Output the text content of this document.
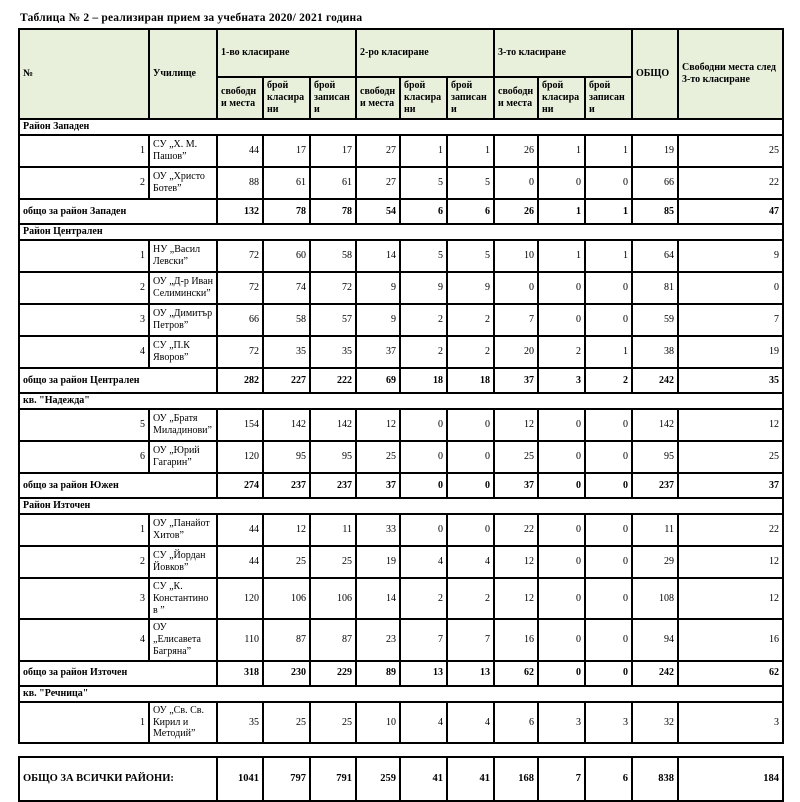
Таблица № 2 – реализиран прием за учебната 2020/ 2021 година
№	Училище	1-во класиране			2-ро класиране			3-то класиране			ОБЩО	Свободни места след 3-то класиране
		свободни места	брой класирани	брой записани	свободни места	брой класирани	брой записани	свободни места	брой класирани	брой записани		
Район Западен												
1	СУ „Х. М. Пашов”	44	17	17	27	1	1	26	1	1	19	25
2	ОУ „Христо Ботев”	88	61	61	27	5	5	0	0	0	66	22
общо за район Западен		132	78	78	54	6	6	26	1	1	85	47
Район Централен												
1	НУ „Васил Левски”	72	60	58	14	5	5	10	1	1	64	9
2	ОУ „Д-р Иван Селимински”	72	74	72	9	9	9	0	0	0	81	0
3	ОУ „Димитър Петров”	66	58	57	9	2	2	7	0	0	59	7
4	СУ „П.К Яворов”	72	35	35	37	2	2	20	2	1	38	19
общо за район Централен		282	227	222	69	18	18	37	3	2	242	35
кв. "Надежда"												
5	ОУ „Братя Миладинови”	154	142	142	12	0	0	12	0	0	142	12
6	ОУ „Юрий Гагарин”	120	95	95	25	0	0	25	0	0	95	25
общо за район Южен		274	237	237	37	0	0	37	0	0	237	37
Район Източен												
1	ОУ „Панайот Хитов”	44	12	11	33	0	0	22	0	0	11	22
2	СУ „Йордан Йовков”	44	25	25	19	4	4	12	0	0	29	12
3	СУ „К. Константинов ”	120	106	106	14	2	2	12	0	0	108	12
4	ОУ „Елисавета Багряна”	110	87	87	23	7	7	16	0	0	94	16
общо за район Източен		318	230	229	89	13	13	62	0	0	242	62
кв. "Речница"												
1	ОУ „Св. Св. Кирил и Методий”	35	25	25	10	4	4	6	3	3	32	3
ОБЩО ЗА ВСИЧКИ РАЙОНИ:	1041	797	791	259	41	41	168	7	6	838	184
